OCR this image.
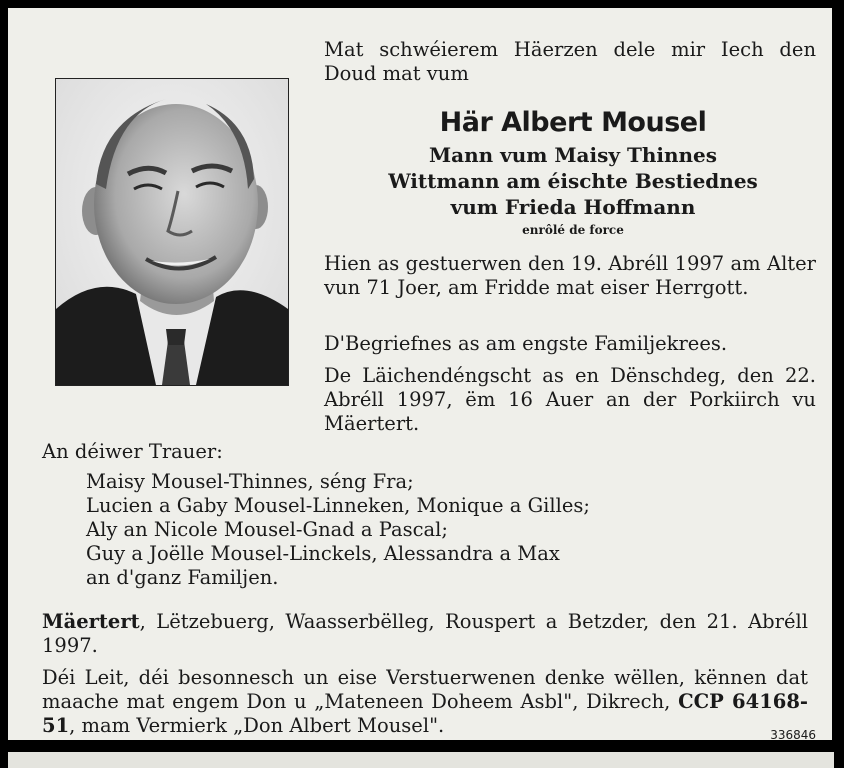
Mat schwéierem Häerzen dele mir Iech den Doud mat vum

Här Albert Mousel
Mann vum Maisy Thinnes
Wittmann am éischte Bestiednes
vum Frieda Hoffmann
enrôlé de force

Hien as gestuerwen den 19. Abréll 1997 am Alter vun 71 Joer, am Fridde mat eiser Herrgott.

D'Begriefnes as am engste Familjekrees.

De Läichendéngscht as en Dënschdeg, den 22. Abréll 1997, ëm 16 Auer an der Porkiirch vu Mäertert.

An déiwer Trauer:

Maisy Mousel-Thinnes, séng Fra;
Lucien a Gaby Mousel-Linneken, Monique a Gilles;
Aly an Nicole Mousel-Gnad a Pascal;
Guy a Joëlle Mousel-Linckels, Alessandra a Max
an d'ganz Familjen.

Mäertert, Lëtzebuerg, Waasserbëlleg, Rouspert a Betzder, den 21. Abréll 1997.

Déi Leit, déi besonnesch un eise Verstuerwenen denke wëllen, kënnen dat maache mat engem Don u „Mateneen Doheem Asbl", Dikrech, CCP 64168-51, mam Vermierk „Don Albert Mousel".	336846
